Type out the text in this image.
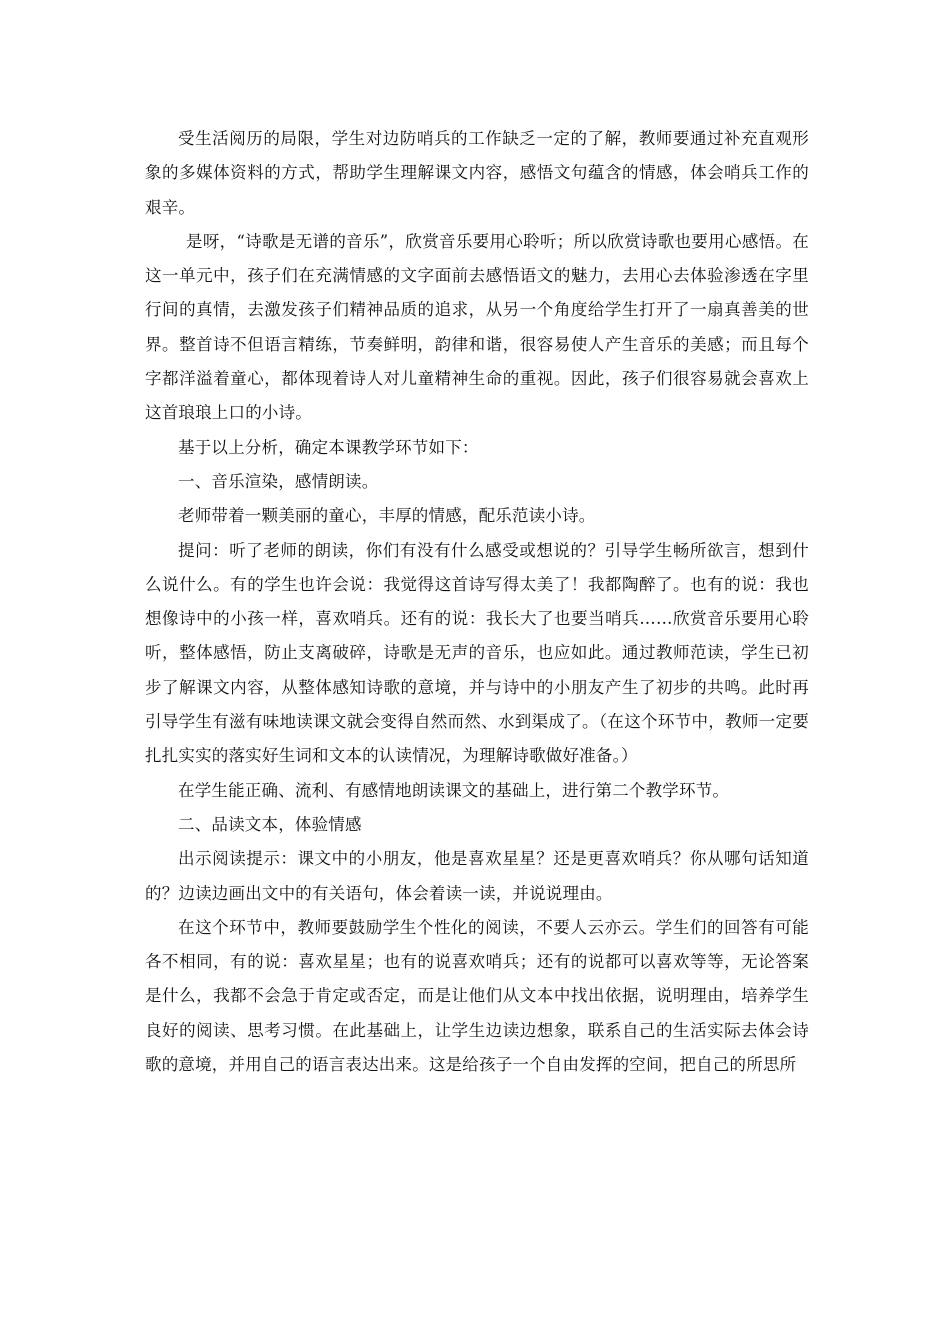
受生活阅历的局限，学生对边防哨兵的工作缺乏一定的了解，教师要通过补充直观形象的多媒体资料的方式，帮助学生理解课文内容，感悟文句蕴含的情感，体会哨兵工作的艰辛。

是呀，“诗歌是无谱的音乐”，欣赏音乐要用心聆听；所以欣赏诗歌也要用心感悟。在这一单元中，孩子们在充满情感的文字面前去感悟语文的魅力，去用心去体验渗透在字里行间的真情，去激发孩子们精神品质的追求，从另一个角度给学生打开了一扇真善美的世界。整首诗不但语言精练，节奏鲜明，韵律和谐，很容易使人产生音乐的美感；而且每个字都洋溢着童心，都体现着诗人对儿童精神生命的重视。因此，孩子们很容易就会喜欢上这首琅琅上口的小诗。

基于以上分析，确定本课教学环节如下：

一、音乐渲染，感情朗读。

老师带着一颗美丽的童心，丰厚的情感，配乐范读小诗。

提问：听了老师的朗读，你们有没有什么感受或想说的？引导学生畅所欲言，想到什么说什么。有的学生也许会说：我觉得这首诗写得太美了！我都陶醉了。也有的说：我也想像诗中的小孩一样，喜欢哨兵。还有的说：我长大了也要当哨兵……欣赏音乐要用心聆听，整体感悟，防止支离破碎，诗歌是无声的音乐，也应如此。通过教师范读，学生已初步了解课文内容，从整体感知诗歌的意境，并与诗中的小朋友产生了初步的共鸣。此时再引导学生有滋有味地读课文就会变得自然而然、水到渠成了。（在这个环节中，教师一定要扎扎实实的落实好生词和文本的认读情况，为理解诗歌做好准备。）

在学生能正确、流利、有感情地朗读课文的基础上，进行第二个教学环节。

二、品读文本，体验情感

出示阅读提示：课文中的小朋友，他是喜欢星星？还是更喜欢哨兵？你从哪句话知道的？边读边画出文中的有关语句，体会着读一读，并说说理由。

在这个环节中，教师要鼓励学生个性化的阅读，不要人云亦云。学生们的回答有可能各不相同，有的说：喜欢星星；也有的说喜欢哨兵；还有的说都可以喜欢等等，无论答案是什么，我都不会急于肯定或否定，而是让他们从文本中找出依据，说明理由，培养学生良好的阅读、思考习惯。在此基础上，让学生边读边想象，联系自己的生活实际去体会诗歌的意境，并用自己的语言表达出来。这是给孩子一个自由发挥的空间，把自己的所思所
